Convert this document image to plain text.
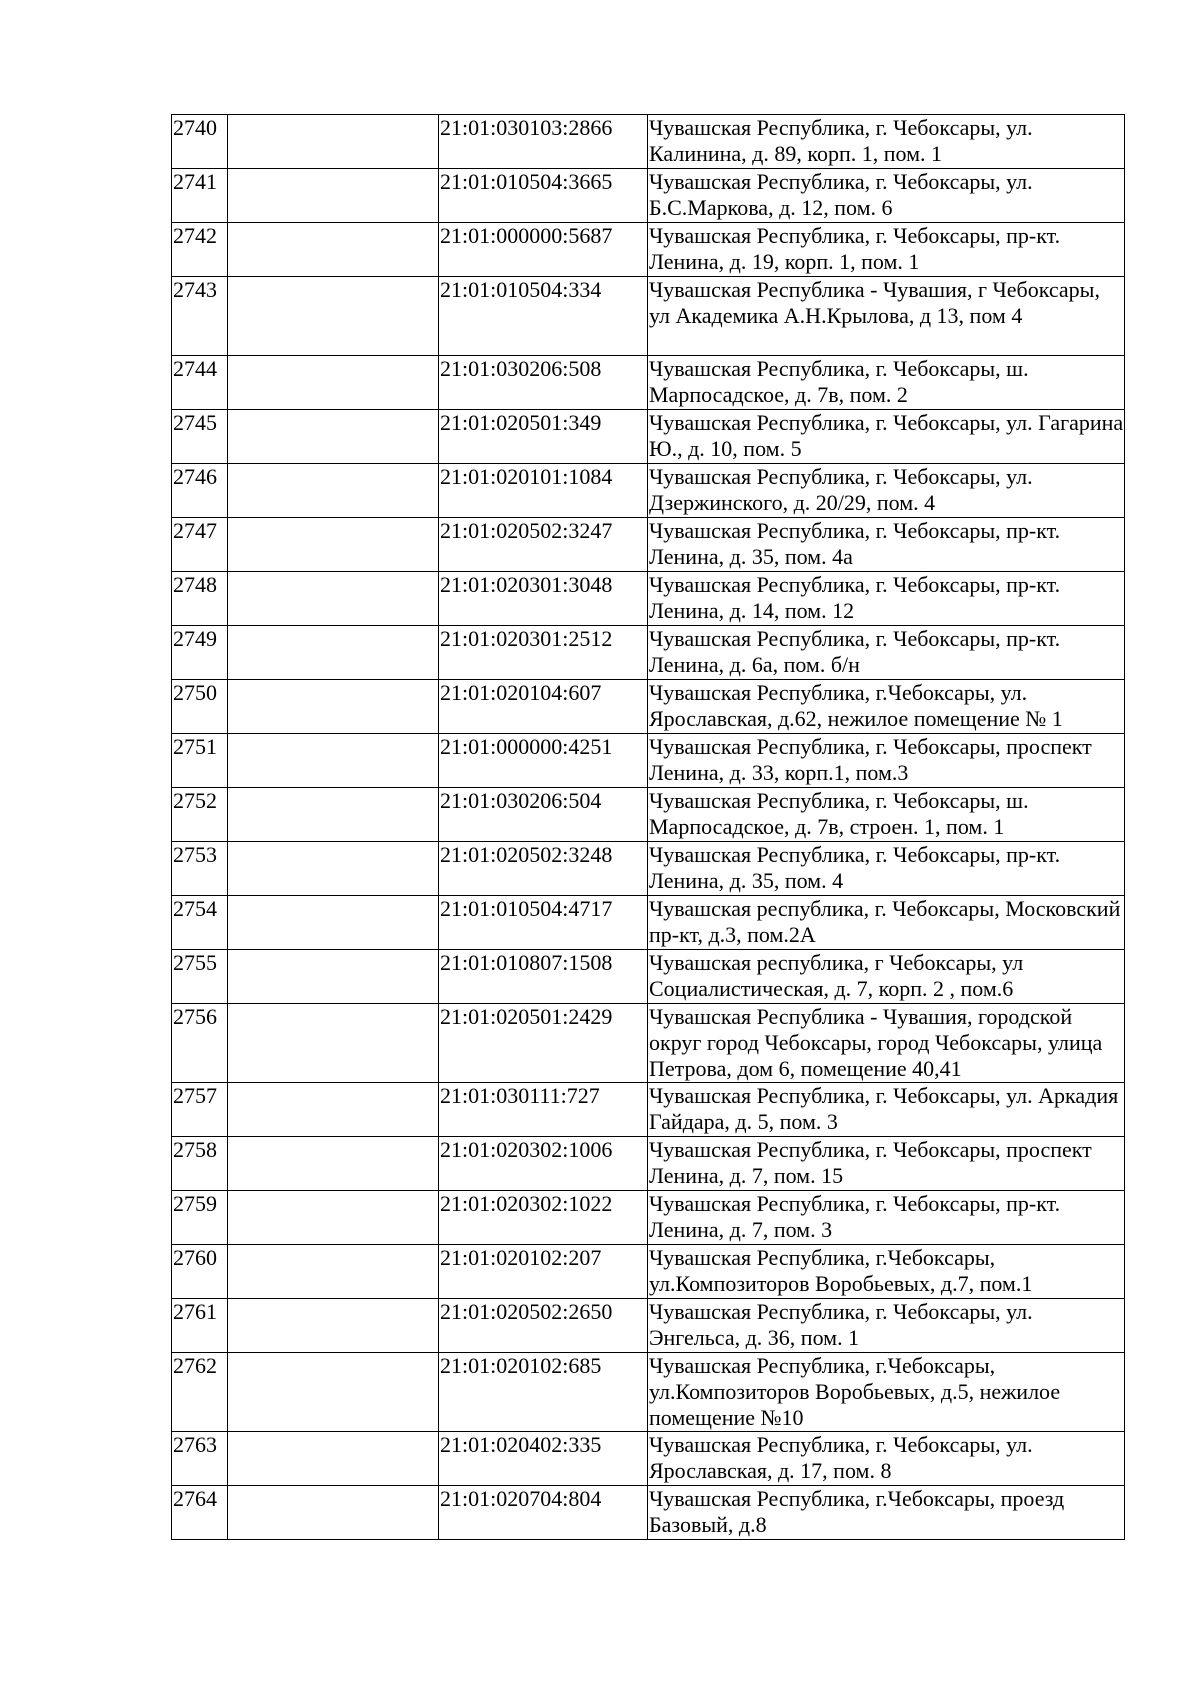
2740		21:01:030103:2866	Чувашская Республика, г. Чебоксары, ул. Калинина, д. 89, корп. 1, пом. 1
2741		21:01:010504:3665	Чувашская Республика, г. Чебоксары, ул. Б.С.Маркова, д. 12, пом. 6
2742		21:01:000000:5687	Чувашская Республика, г. Чебоксары, пр-кт. Ленина, д. 19, корп. 1, пом. 1
2743		21:01:010504:334	Чувашская Республика - Чувашия, г Чебоксары, ул Академика А.Н.Крылова, д 13, пом 4
2744		21:01:030206:508	Чувашская Республика, г. Чебоксары, ш. Марпосадское, д. 7в, пом. 2
2745		21:01:020501:349	Чувашская Республика, г. Чебоксары, ул. Гагарина Ю., д. 10, пом. 5
2746		21:01:020101:1084	Чувашская Республика, г. Чебоксары, ул. Дзержинского, д. 20/29, пом. 4
2747		21:01:020502:3247	Чувашская Республика, г. Чебоксары, пр-кт. Ленина, д. 35, пом. 4а
2748		21:01:020301:3048	Чувашская Республика, г. Чебоксары, пр-кт. Ленина, д. 14, пом. 12
2749		21:01:020301:2512	Чувашская Республика, г. Чебоксары, пр-кт. Ленина, д. 6а, пом. б/н
2750		21:01:020104:607	Чувашская Республика, г.Чебоксары, ул. Ярославская, д.62, нежилое помещение № 1
2751		21:01:000000:4251	Чувашская Республика, г. Чебоксары, проспект Ленина, д. 33, корп.1, пом.3
2752		21:01:030206:504	Чувашская Республика, г. Чебоксары, ш. Марпосадское, д. 7в, строен. 1, пом. 1
2753		21:01:020502:3248	Чувашская Республика, г. Чебоксары, пр-кт. Ленина, д. 35, пом. 4
2754		21:01:010504:4717	Чувашская республика, г. Чебоксары, Московский пр-кт, д.3, пом.2А
2755		21:01:010807:1508	Чувашская республика, г Чебоксары, ул Социалистическая, д. 7, корп. 2 , пом.6
2756		21:01:020501:2429	Чувашская Республика - Чувашия, городской округ город Чебоксары, город Чебоксары, улица Петрова, дом 6, помещение 40,41
2757		21:01:030111:727	Чувашская Республика, г. Чебоксары, ул. Аркадия Гайдара, д. 5, пом. 3
2758		21:01:020302:1006	Чувашская Республика, г. Чебоксары, проспект Ленина, д. 7, пом. 15
2759		21:01:020302:1022	Чувашская Республика, г. Чебоксары, пр-кт. Ленина, д. 7, пом. 3
2760		21:01:020102:207	Чувашская Республика, г.Чебоксары, ул.Композиторов Воробьевых, д.7, пом.1
2761		21:01:020502:2650	Чувашская Республика, г. Чебоксары, ул. Энгельса, д. 36, пом. 1
2762		21:01:020102:685	Чувашская Республика, г.Чебоксары, ул.Композиторов Воробьевых, д.5, нежилое помещение №10
2763		21:01:020402:335	Чувашская Республика, г. Чебоксары, ул. Ярославская, д. 17, пом. 8
2764		21:01:020704:804	Чувашская Республика, г.Чебоксары, проезд Базовый, д.8
